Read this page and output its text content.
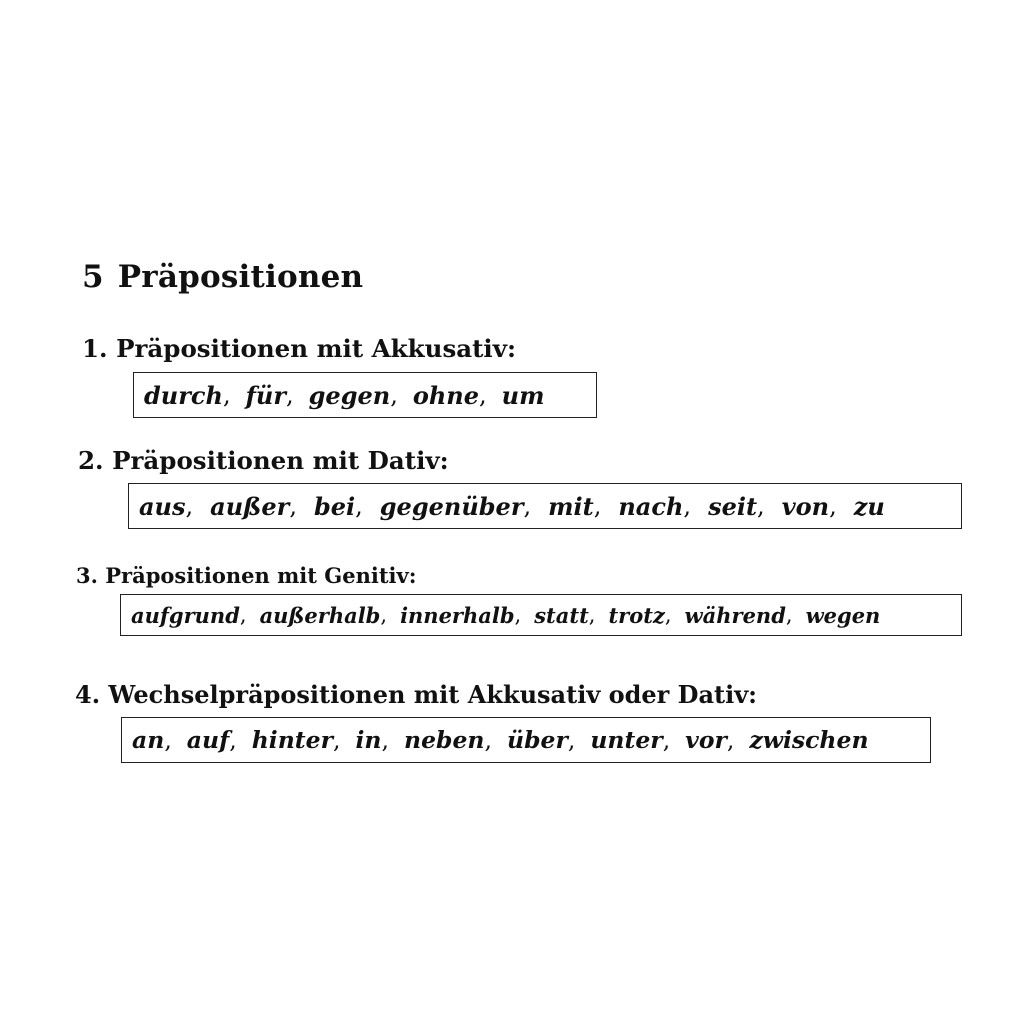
5 Präpositionen
1. Präpositionen mit Akkusativ:
durch , für , gegen , ohne , um
2. Präpositionen mit Dativ:
aus , außer , bei , gegenüber , mit , nach , seit , von , zu
3. Präpositionen mit Genitiv:
aufgrund , außerhalb , innerhalb , statt , trotz , während , wegen
4. Wechselpräpositionen mit Akkusativ oder Dativ:
an , auf , hinter , in , neben , über , unter , vor , zwischen
